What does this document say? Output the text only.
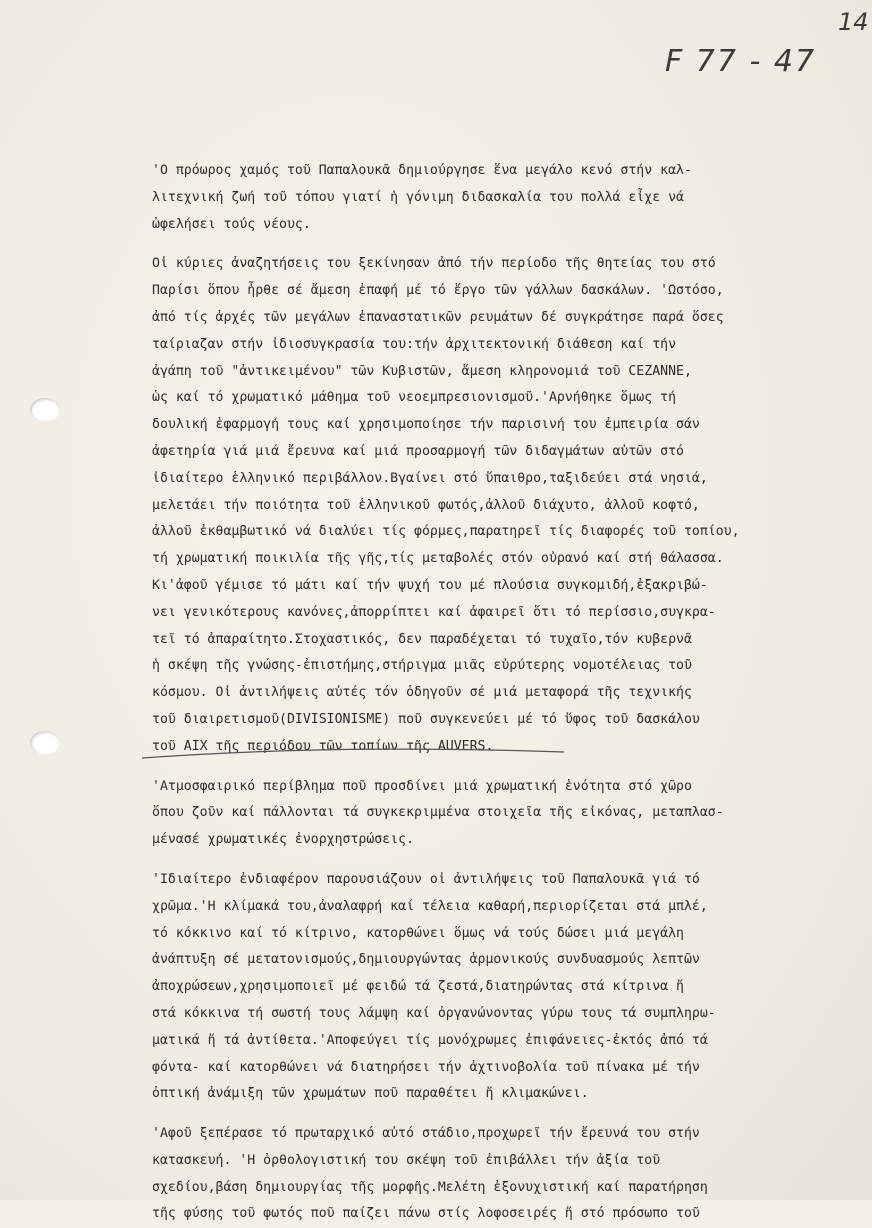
14
F 77 - 47
'Ο πρόωρος χαμός τοῦ Παπαλουκᾶ δημιούργησε ἕνα μεγάλο κενό στήν καλ-
λιτεχνική ζωή τοῦ τόπου γιατί ἡ γόνιμη διδασκαλία του πολλά εἶχε νά
ὠφελήσει τούς νέους.
Οἱ κύριες ἀναζητήσεις του ξεκίνησαν ἀπό τήν περίοδο τῆς θητείας του στό
Παρίσι ὅπου ἦρθε σέ ἄμεση ἐπαφή μέ τό ἔργο τῶν γάλλων δασκάλων. 'Ωστόσο,
ἀπό τίς ἀρχές τῶν μεγάλων ἐπαναστατικῶν ρευμάτων δέ συγκράτησε παρά ὅσες
ταίριαζαν στήν ἰδιοσυγκρασία του:τήν ἀρχιτεκτονική διάθεση καί τήν
ἀγάπη τοῦ "ἀντικειμένου" τῶν Κυβιστῶν, ἄμεση κληρονομιά τοῦ CEZANNE,
ὡς καί τό χρωματικό μάθημα τοῦ νεοεμπρεσιονισμοῦ.'Αρνήθηκε ὅμως τή
δουλική ἐφαρμογή τους καί χρησιμοποίησε τήν παρισινή του ἐμπειρία σάν
ἀφετηρία γιά μιά ἔρευνα καί μιά προσαρμογή τῶν διδαγμάτων αὐτῶν στό
ἰδιαίτερο ἑλληνικό περιβάλλον.Βγαίνει στό ὕπαιθρο,ταξιδεύει στά νησιά,
μελετάει τήν ποιότητα τοῦ ἑλληνικοῦ φωτός,ἀλλοῦ διάχυτο, ἀλλοῦ κοφτό,
ἀλλοῦ ἐκθαμβωτικό νά διαλύει τίς φόρμες,παρατηρεῖ τίς διαφορές τοῦ τοπίου,
τή χρωματική ποικιλία τῆς γῆς,τίς μεταβολές στόν οὐρανό καί στή θάλασσα.
Κι'ἀφοῦ γέμισε τό μάτι καί τήν ψυχή του μέ πλούσια συγκομιδή,ἐξακριβώ-
νει γενικότερους κανόνες,ἀπορρίπτει καί ἀφαιρεῖ ὅτι τό περίσσιο,συγκρα-
τεῖ τό ἀπαραίτητο.Στοχαστικός, δεν παραδέχεται τό τυχαῖο,τόν κυβερνᾶ
ἡ σκέψη τῆς γνώσης-ἐπιστήμης,στήριγμα μιᾶς εὐρύτερης νομοτέλειας τοῦ
κόσμου. Οἱ ἀντιλήψεις αὐτές τόν ὁδηγοῦν σέ μιά μεταφορά τῆς τεχνικής
τοῦ διαιρετισμοῦ(DIVISIONISME) ποῦ συγκενεύει μέ τό ὕφος τοῦ δασκάλου
τοῦ AIX τῆς περιόδου τῶν τοπίων τῆς AUVERS.
'Ατμοσφαιρικό περίβλημα ποῦ προσδίνει μιά χρωματική ἑνότητα στό χῶρο
ὅπου ζοῦν καί πάλλονται τά συγκεκριμμένα στοιχεῖα τῆς εἰκόνας, μεταπλασ-
μένασέ χρωματικές ἐνορχηστρώσεις.
'Ιδιαίτερο ἐνδιαφέρον παρουσιάζουν οἱ ἀντιλήψεις τοῦ Παπαλουκᾶ γιά τό
χρῶμα.'Η κλίμακά του,ἀναλαφρή καί τέλεια καθαρή,περιορίζεται στά μπλέ,
τό κόκκινο καί τό κίτρινο, κατορθώνει ὅμως νά τούς δώσει μιά μεγάλη
ἀνάπτυξη σέ μετατονισμούς,δημιουργώντας ἁρμονικούς συνδυασμούς λεπτῶν
ἀποχρώσεων,χρησιμοποιεῖ μέ φειδώ τά ζεστά,διατηρώντας στά κίτρινα ἤ
στά κόκκινα τή σωστή τους λάμψη καί ὀργανώνοντας γύρω τους τά συμπληρω-
ματικά ἤ τά ἀντίθετα.'Αποφεύγει τίς μονόχρωμες ἐπιφάνειες-ἐκτός ἀπό τά
φόντα- καί κατορθώνει νά διατηρήσει τήν ἀχτινοβολία τοῦ πίνακα μέ τήν
ὀπτική ἀνάμιξη τῶν χρωμάτων ποῦ παραθέτει ἤ κλιμακώνει.
'Αφοῦ ξεπέρασε τό πρωταρχικό αὐτό στάδιο,προχωρεῖ τήν ἔρευνά του στήν
κατασκευή. 'Η ὀρθολογιστική του σκέψη τοῦ ἐπιβάλλει τήν ἀξία τοῦ
σχεδίου,βάση δημιουργίας τῆς μορφῆς.Μελέτη ἐξονυχιστική καί παρατήρηση
τῆς φύσης τοῦ φωτός ποῦ παίζει πάνω στίς λοφοσειρές ἤ στό πρόσωπο τοῦ
